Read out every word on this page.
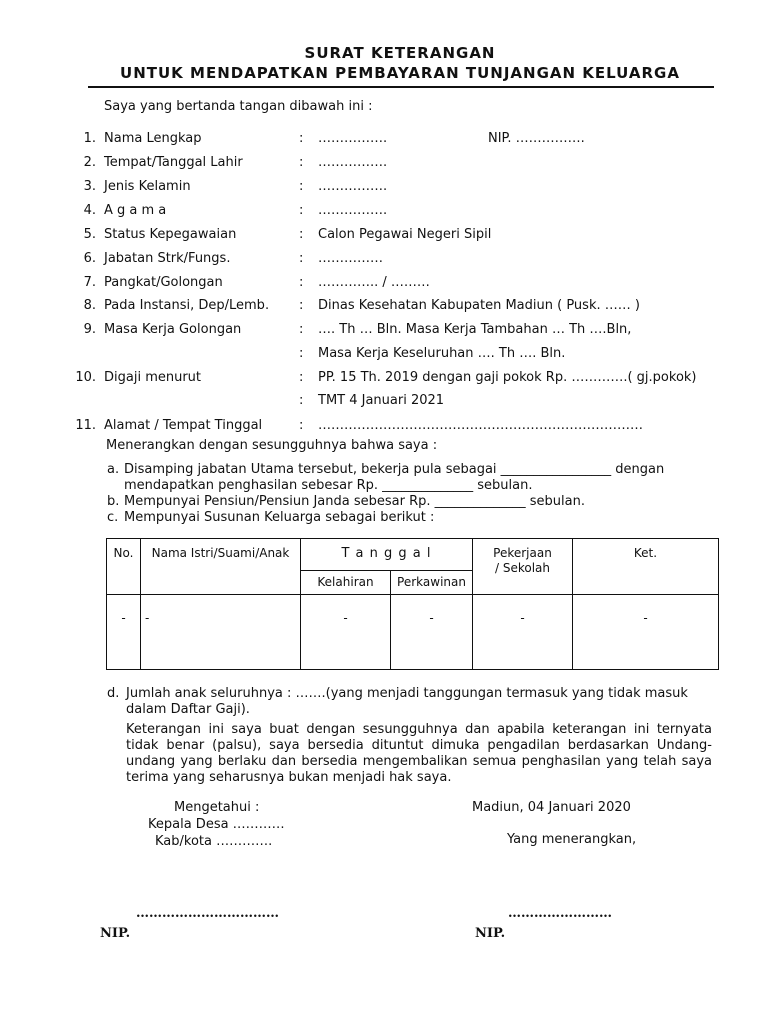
SURAT KETERANGAN
UNTUK MENDAPATKAN PEMBAYARAN TUNJANGAN KELUARGA
Saya yang bertanda tangan dibawah ini :
1. Nama Lengkap	:	…………….	NIP. …………….
2. Tempat/Tanggal Lahir	:	…………….
3. Jenis Kelamin	:	…………….
4. A g a m a	:	…………….
5. Status Kepegawaian	:	Calon Pegawai Negeri Sipil
6. Jabatan Strk/Fungs.	:	……………
7. Pangkat/Golongan	:	………….. / ………
8. Pada Instansi, Dep/Lemb. :	Dinas Kesehatan Kabupaten Madiun ( Pusk. …… )
9. Masa Kerja Golongan	:	…. Th … Bln. Masa Kerja Tambahan … Th ….Bln,
:	Masa Kerja Keseluruhan …. Th …. Bln.
10. Digaji menurut	:	PP. 15 Th. 2019 dengan gaji pokok Rp. ………….( gj.pokok)
:	TMT 4 Januari 2021
11. Alamat / Tempat Tinggal	:	…………………………………………………………………
Menerangkan dengan sesungguhnya bahwa saya :
a. Disamping jabatan Utama tersebut, bekerja pula sebagai _________________ dengan
mendapatkan penghasilan sebesar Rp. ______________ sebulan.
b. Mempunyai Pensiun/Pensiun Janda sebesar Rp. ______________ sebulan.
c. Mempunyai Susunan Keluarga sebagai berikut :
No.	Nama Istri/Suami/Anak	T a n g g a l		Pekerjaan / Sekolah	Ket.
		Kelahiran	Perkawinan		
-	-	-	-	-	-
d. Jumlah anak seluruhnya : …….(yang menjadi tanggungan termasuk yang tidak masuk
dalam Daftar Gaji).
Keterangan ini saya buat dengan sesungguhnya dan apabila keterangan ini ternyata tidak benar (palsu), saya bersedia dituntut dimuka pengadilan berdasarkan Undang-undang yang berlaku dan bersedia mengembalikan semua penghasilan yang telah saya terima yang seharusnya bukan menjadi hak saya.
Mengetahui :
Kepala Desa …………
Kab/kota ………….
Madiun, 04 Januari 2020
Yang menerangkan,
……………………………	……………………
NIP.	NIP.
